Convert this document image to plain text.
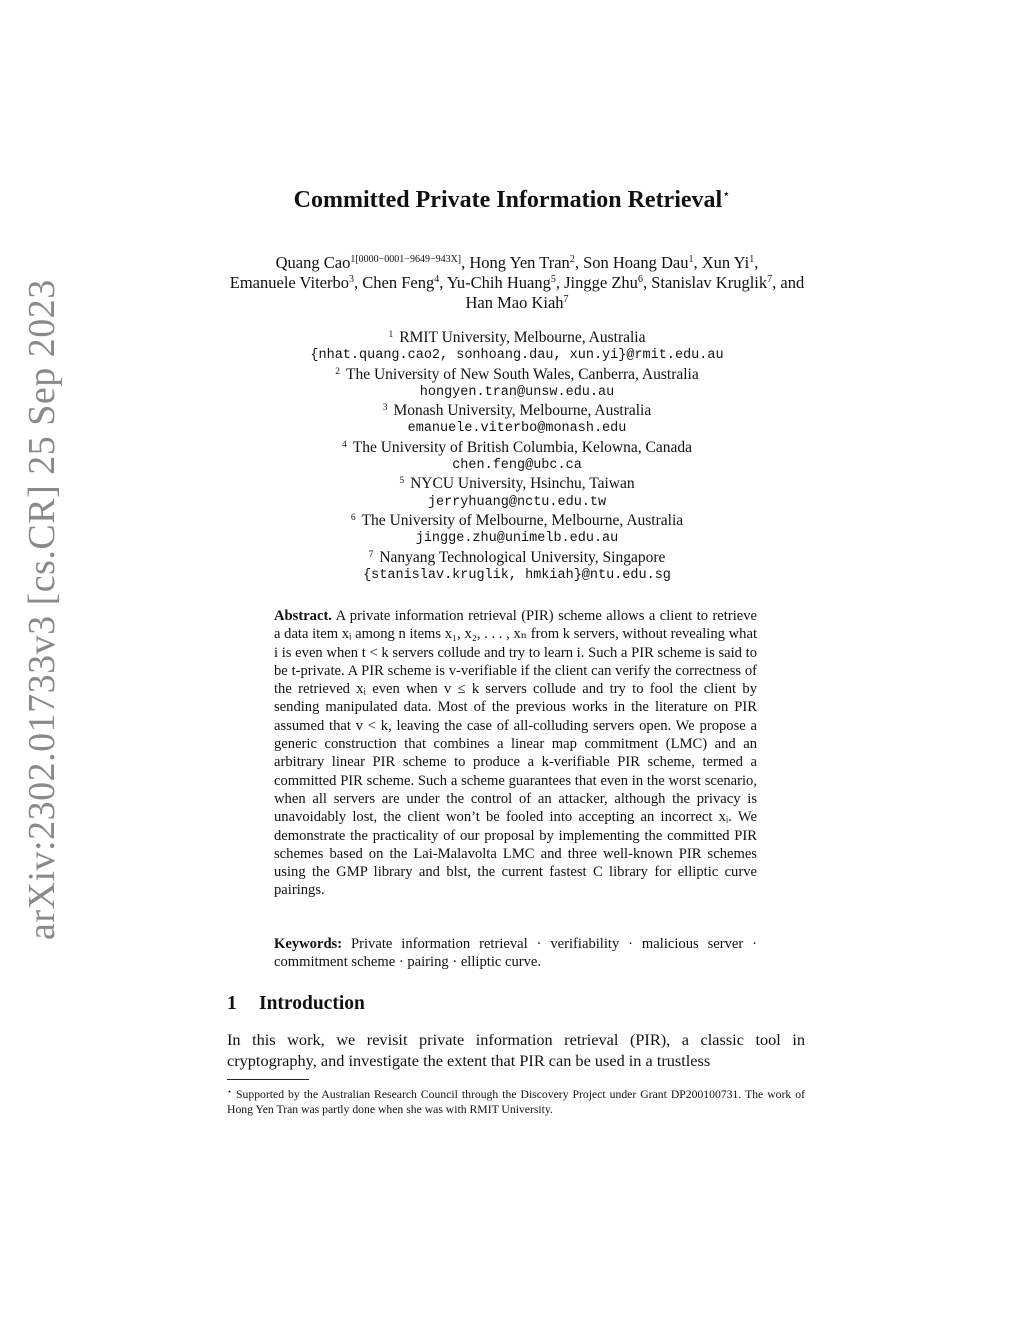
arXiv:2302.01733v3 [cs.CR] 25 Sep 2023
Committed Private Information Retrieval⋆
Quang Cao$^{1[0000-0001-9649-943X]}$, Hong Yen Tran$^2$, Son Hoang Dau$^1$, Xun Yi$^1$,
Emanuele Viterbo$^3$, Chen Feng$^4$, Yu-Chih Huang$^5$, Jingge Zhu$^6$, Stanislav Kruglik$^7$, and Han Mao Kiah$^7$
$^1$ RMIT University, Melbourne, Australia
{nhat.quang.cao2, sonhoang.dau, xun.yi}@rmit.edu.au
$^2$ The University of New South Wales, Canberra, Australia
hongyen.tran@unsw.edu.au
$^3$ Monash University, Melbourne, Australia
emanuele.viterbo@monash.edu
$^4$ The University of British Columbia, Kelowna, Canada
chen.feng@ubc.ca
$^5$ NYCU University, Hsinchu, Taiwan
jerryhuang@nctu.edu.tw
$^6$ The University of Melbourne, Melbourne, Australia
jingge.zhu@unimelb.edu.au
$^7$ Nanyang Technological University, Singapore
{stanislav.kruglik, hmkiah}@ntu.edu.sg
Abstract. A private information retrieval (PIR) scheme allows a client to retrieve a data item xᵢ among n items x₁, x₂, . . . , xₙ from k servers, without revealing what i is even when t < k servers collude and try to learn i. Such a PIR scheme is said to be t-private. A PIR scheme is v-verifiable if the client can verify the correctness of the retrieved xᵢ even when v ≤ k servers collude and try to fool the client by sending manipulated data. Most of the previous works in the literature on PIR assumed that v < k, leaving the case of all-colluding servers open. We propose a generic construction that combines a linear map commitment (LMC) and an arbitrary linear PIR scheme to produce a k-verifiable PIR scheme, termed a committed PIR scheme. Such a scheme guarantees that even in the worst scenario, when all servers are under the control of an attacker, although the privacy is unavoidably lost, the client won’t be fooled into accepting an incorrect xᵢ. We demonstrate the practicality of our proposal by implementing the committed PIR schemes based on the Lai-Malavolta LMC and three well-known PIR schemes using the GMP library and blst, the current fastest C library for elliptic curve pairings.
Keywords: Private information retrieval · verifiability · malicious server · commitment scheme · pairing · elliptic curve.
1 Introduction
In this work, we revisit private information retrieval (PIR), a classic tool in cryptography, and investigate the extent that PIR can be used in a trustless
⋆ Supported by the Australian Research Council through the Discovery Project under Grant DP200100731. The work of Hong Yen Tran was partly done when she was with RMIT University.
